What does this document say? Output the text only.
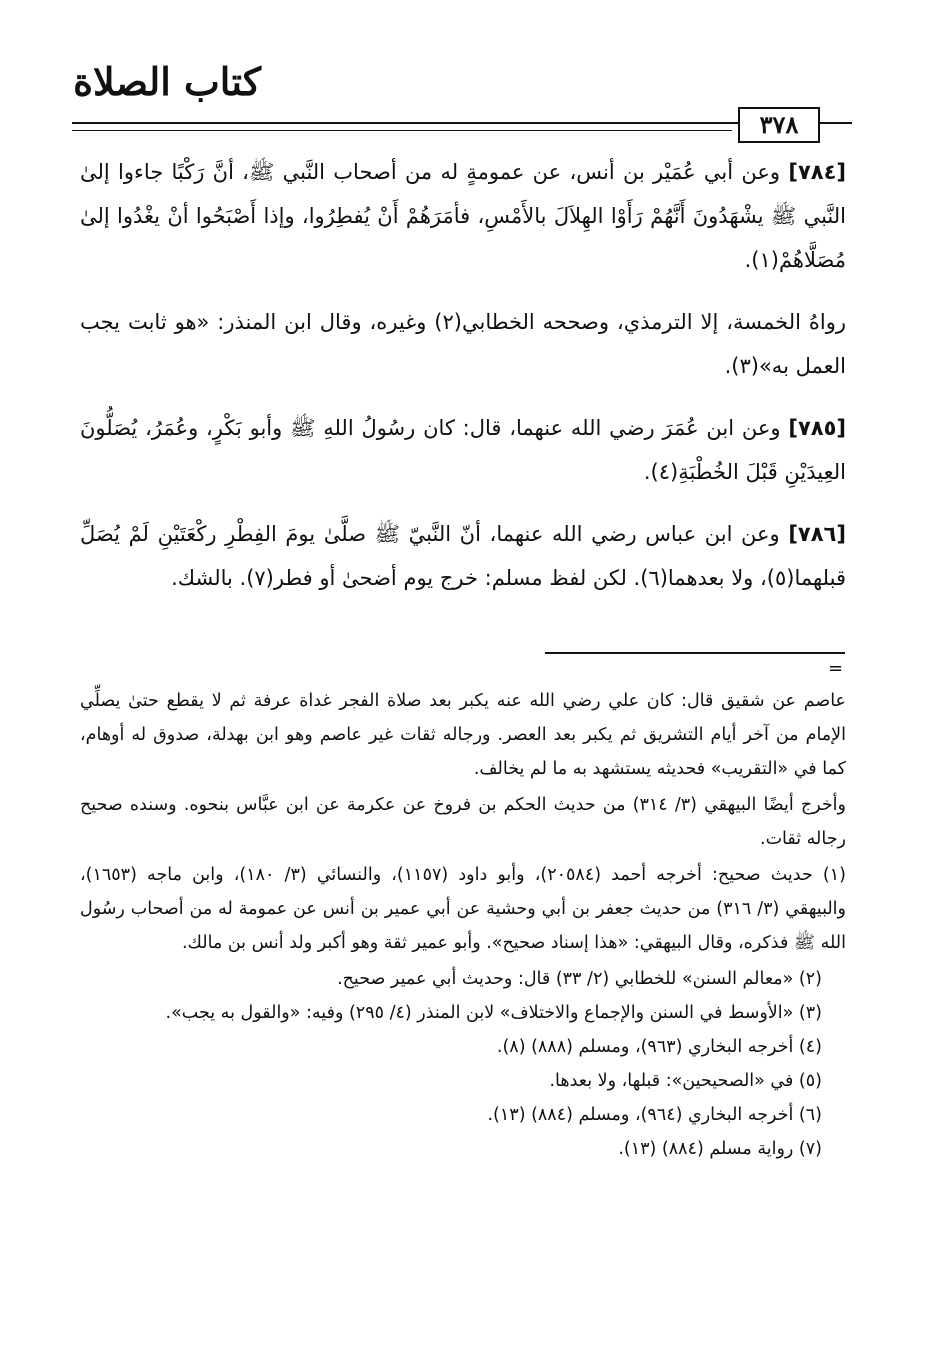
كتاب الصلاة
٣٧٨

[٧٨٤] وعن أبي عُمَيْر بن أنس، عن عمومةٍ له من أصحاب النَّبي ﷺ، أنَّ رَكْبًا جاءوا إلىٰ النَّبي ﷺ يشْهَدُونَ أَنَّهُمْ رَأَوْا الهِلاَلَ بالأَمْسِ، فأمَرَهُمْ أَنْ يُفطِرُوا، وإذا أَصْبَحُوا أنْ يغْدُوا إلىٰ مُصَلَّاهُمْ(١).

رواهُ الخمسة، إلا الترمذي، وصححه الخطابي(٢) وغيره، وقال ابن المنذر: «هو ثابت يجب العمل به»(٣).

[٧٨٥] وعن ابن عُمَرَ رضي الله عنهما، قال: كان رسُولُ اللهِ ﷺ وأبو بَكْرٍ، وعُمَرُ، يُصَلُّونَ العِيدَيْنِ قَبْلَ الخُطْبَةِ(٤).

[٧٨٦] وعن ابن عباس رضي الله عنهما، أنّ النَّبيّ ﷺ صلَّىٰ يومَ الفِطْرِ ركْعَتَيْنِ لَمْ يُصَلِّ قبلهما(٥)، ولا بعدهما(٦). لكن لفظ مسلم: خرج يوم أضحىٰ أو فطر(٧). بالشك.

=

عاصم عن شقيق قال: كان علي رضي الله عنه يكبر بعد صلاة الفجر غداة عرفة ثم لا يقطع حتىٰ يصلِّي الإمام من آخر أيام التشريق ثم يكبر بعد العصر. ورجاله ثقات غير عاصم وهو ابن بهدلة، صدوق له أوهام، كما في «التقريب» فحديثه يستشهد به ما لم يخالف.

وأخرج أيضًا البيهقي (٣/ ٣١٤) من حديث الحكم بن فروخ عن عكرمة عن ابن عبَّاس بنحوه. وسنده صحيح رجاله ثقات.

(١) حديث صحيح: أخرجه أحمد (٢٠٥٨٤)، وأبو داود (١١٥٧)، والنسائي (٣/ ١٨٠)، وابن ماجه (١٦٥٣)، والبيهقي (٣/ ٣١٦) من حديث جعفر بن أبي وحشية عن أبي عمير بن أنس عن عمومة له من أصحاب رسُول الله ﷺ فذكره، وقال البيهقي: «هذا إسناد صحيح». وأبو عمير ثقة وهو أكبر ولد أنس بن مالك.

(٢) «معالم السنن» للخطابي (٢/ ٣٣) قال: وحديث أبي عمير صحيح.

(٣) «الأوسط في السنن والإجماع والاختلاف» لابن المنذر (٤/ ٢٩٥) وفيه: «والقول به يجب».

(٤) أخرجه البخاري (٩٦٣)، ومسلم (٨٨٨) (٨).

(٥) في «الصحيحين»: قبلها، ولا بعدها.

(٦) أخرجه البخاري (٩٦٤)، ومسلم (٨٨٤) (١٣).

(٧) رواية مسلم (٨٨٤) (١٣).
